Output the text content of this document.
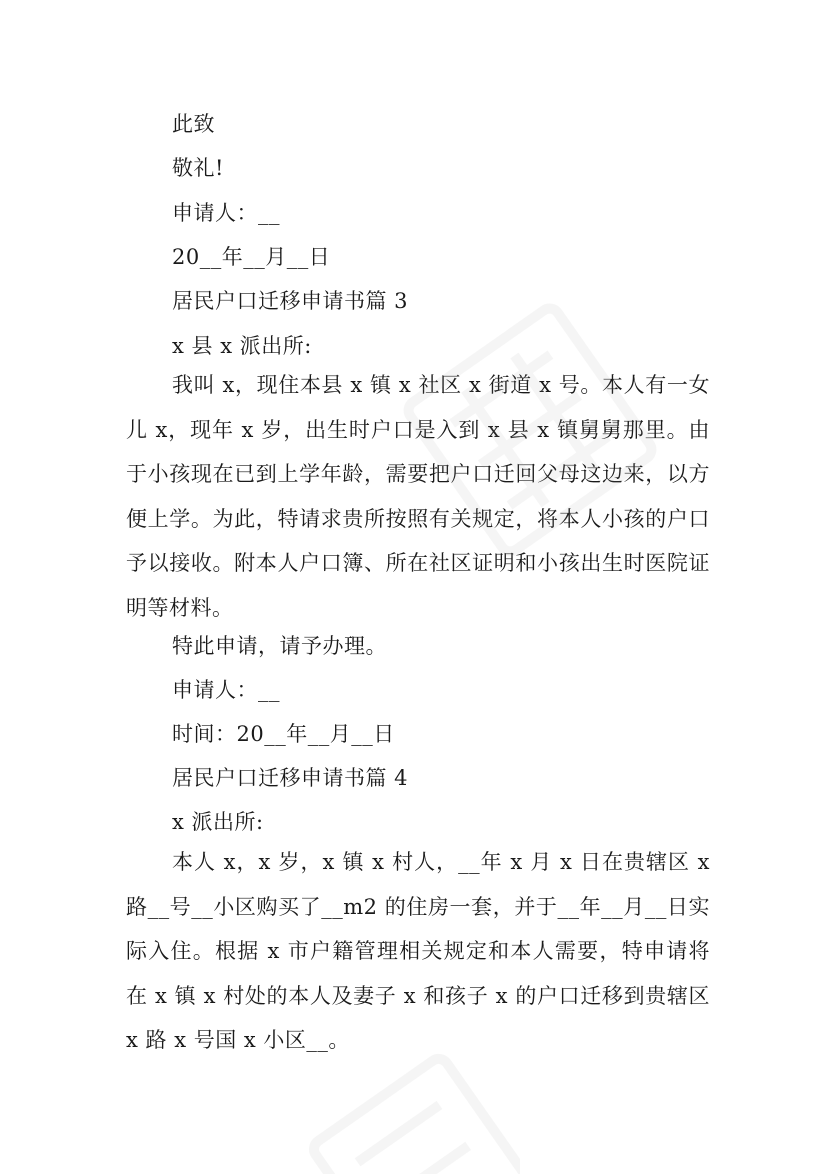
此致
敬礼!
申请人：__
20__年__月__日
居民户口迁移申请书篇 3
x 县 x 派出所:
我叫 x，现住本县 x 镇 x 社区 x 街道 x 号。本人有一女儿 x，现年 x 岁，出生时户口是入到 x 县 x 镇舅舅那里。由于小孩现在已到上学年龄，需要把户口迁回父母这边来，以方便上学。为此，特请求贵所按照有关规定，将本人小孩的户口予以接收。附本人户口簿、所在社区证明和小孩出生时医院证明等材料。
特此申请，请予办理。
申请人：__
时间：20__年__月__日
居民户口迁移申请书篇 4
x 派出所:
本人 x，x 岁，x 镇 x 村人，__年 x 月 x 日在贵辖区 x 路__号__小区购买了__m2 的住房一套，并于__年__月__日实际入住。根据 x 市户籍管理相关规定和本人需要，特申请将在 x 镇 x 村处的本人及妻子 x 和孩子 x 的户口迁移到贵辖区 x 路 x 号国 x 小区__。
